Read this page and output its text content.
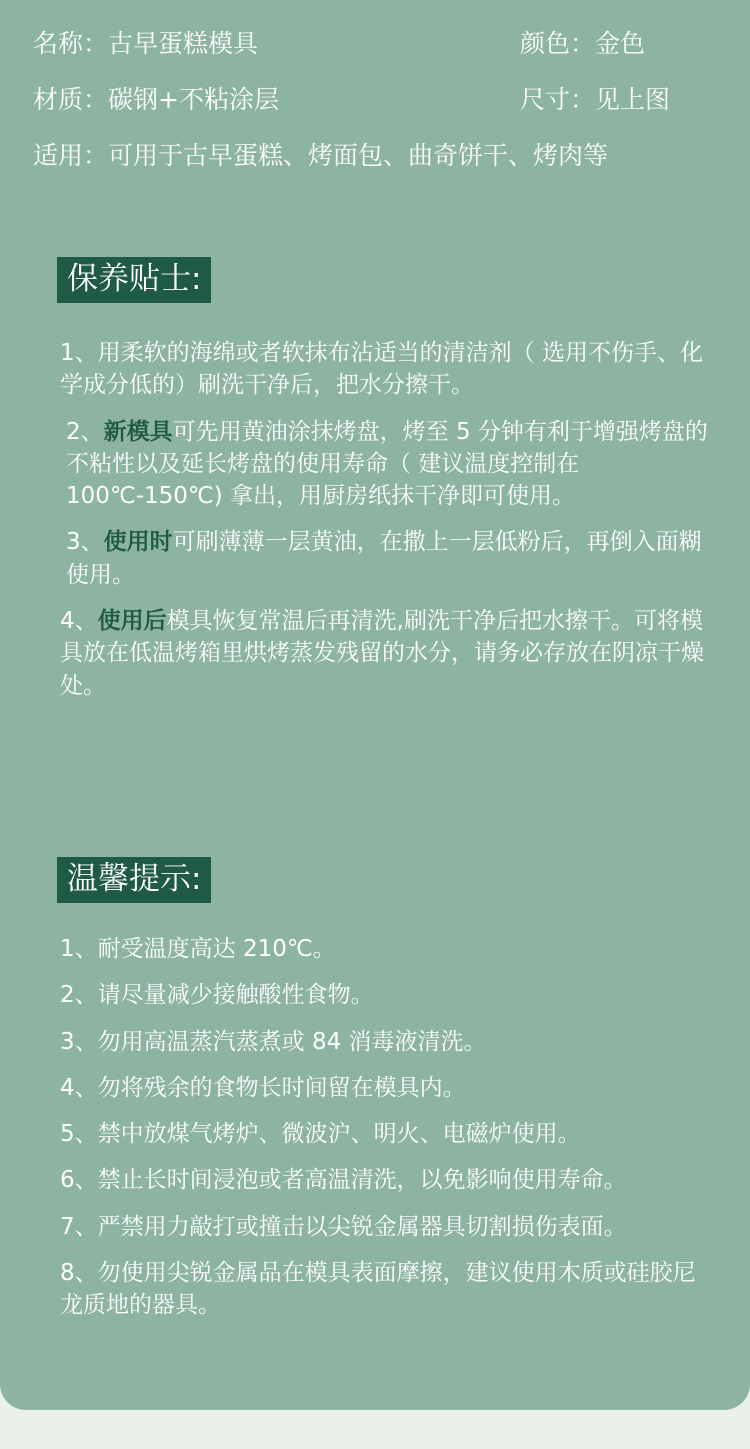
名称：古早蛋糕模具	颜色：金色
材质：碳钢+不粘涂层	尺寸：见上图
适用：可用于古早蛋糕、烤面包、曲奇饼干、烤肉等
保养贴士:

1、用柔软的海绵或者软抹布沾适当的清洁剂（ 选用不伤手、化学成分低的）刷洗干净后，把水分擦干。

2、新模具可先用黄油涂抹烤盘，烤至 5 分钟有利于增强烤盘的不粘性以及延长烤盘的使用寿命（ 建议温度控制在 100℃-150℃) 拿出，用厨房纸抹干净即可使用。

3、使用时可刷薄薄一层黄油，在撒上一层低粉后，再倒入面糊使用。

4、使用后模具恢复常温后再清洗,刷洗干净后把水擦干。可将模具放在低温烤箱里烘烤蒸发残留的水分，请务必存放在阴凉干燥处。

温馨提示:

1、耐受温度高达 210℃。

2、请尽量减少接触酸性食物。

3、勿用高温蒸汽蒸煮或 84 消毒液清洗。

4、勿将残余的食物长时间留在模具内。

5、禁中放煤气烤炉、微波沪、明火、电磁炉使用。

6、禁止长时间浸泡或者高温清洗，以免影响使用寿命。

7、严禁用力敲打或撞击以尖锐金属器具切割损伤表面。

8、勿使用尖锐金属品在模具表面摩擦，建议使用木质或硅胶尼龙质地的器具。
